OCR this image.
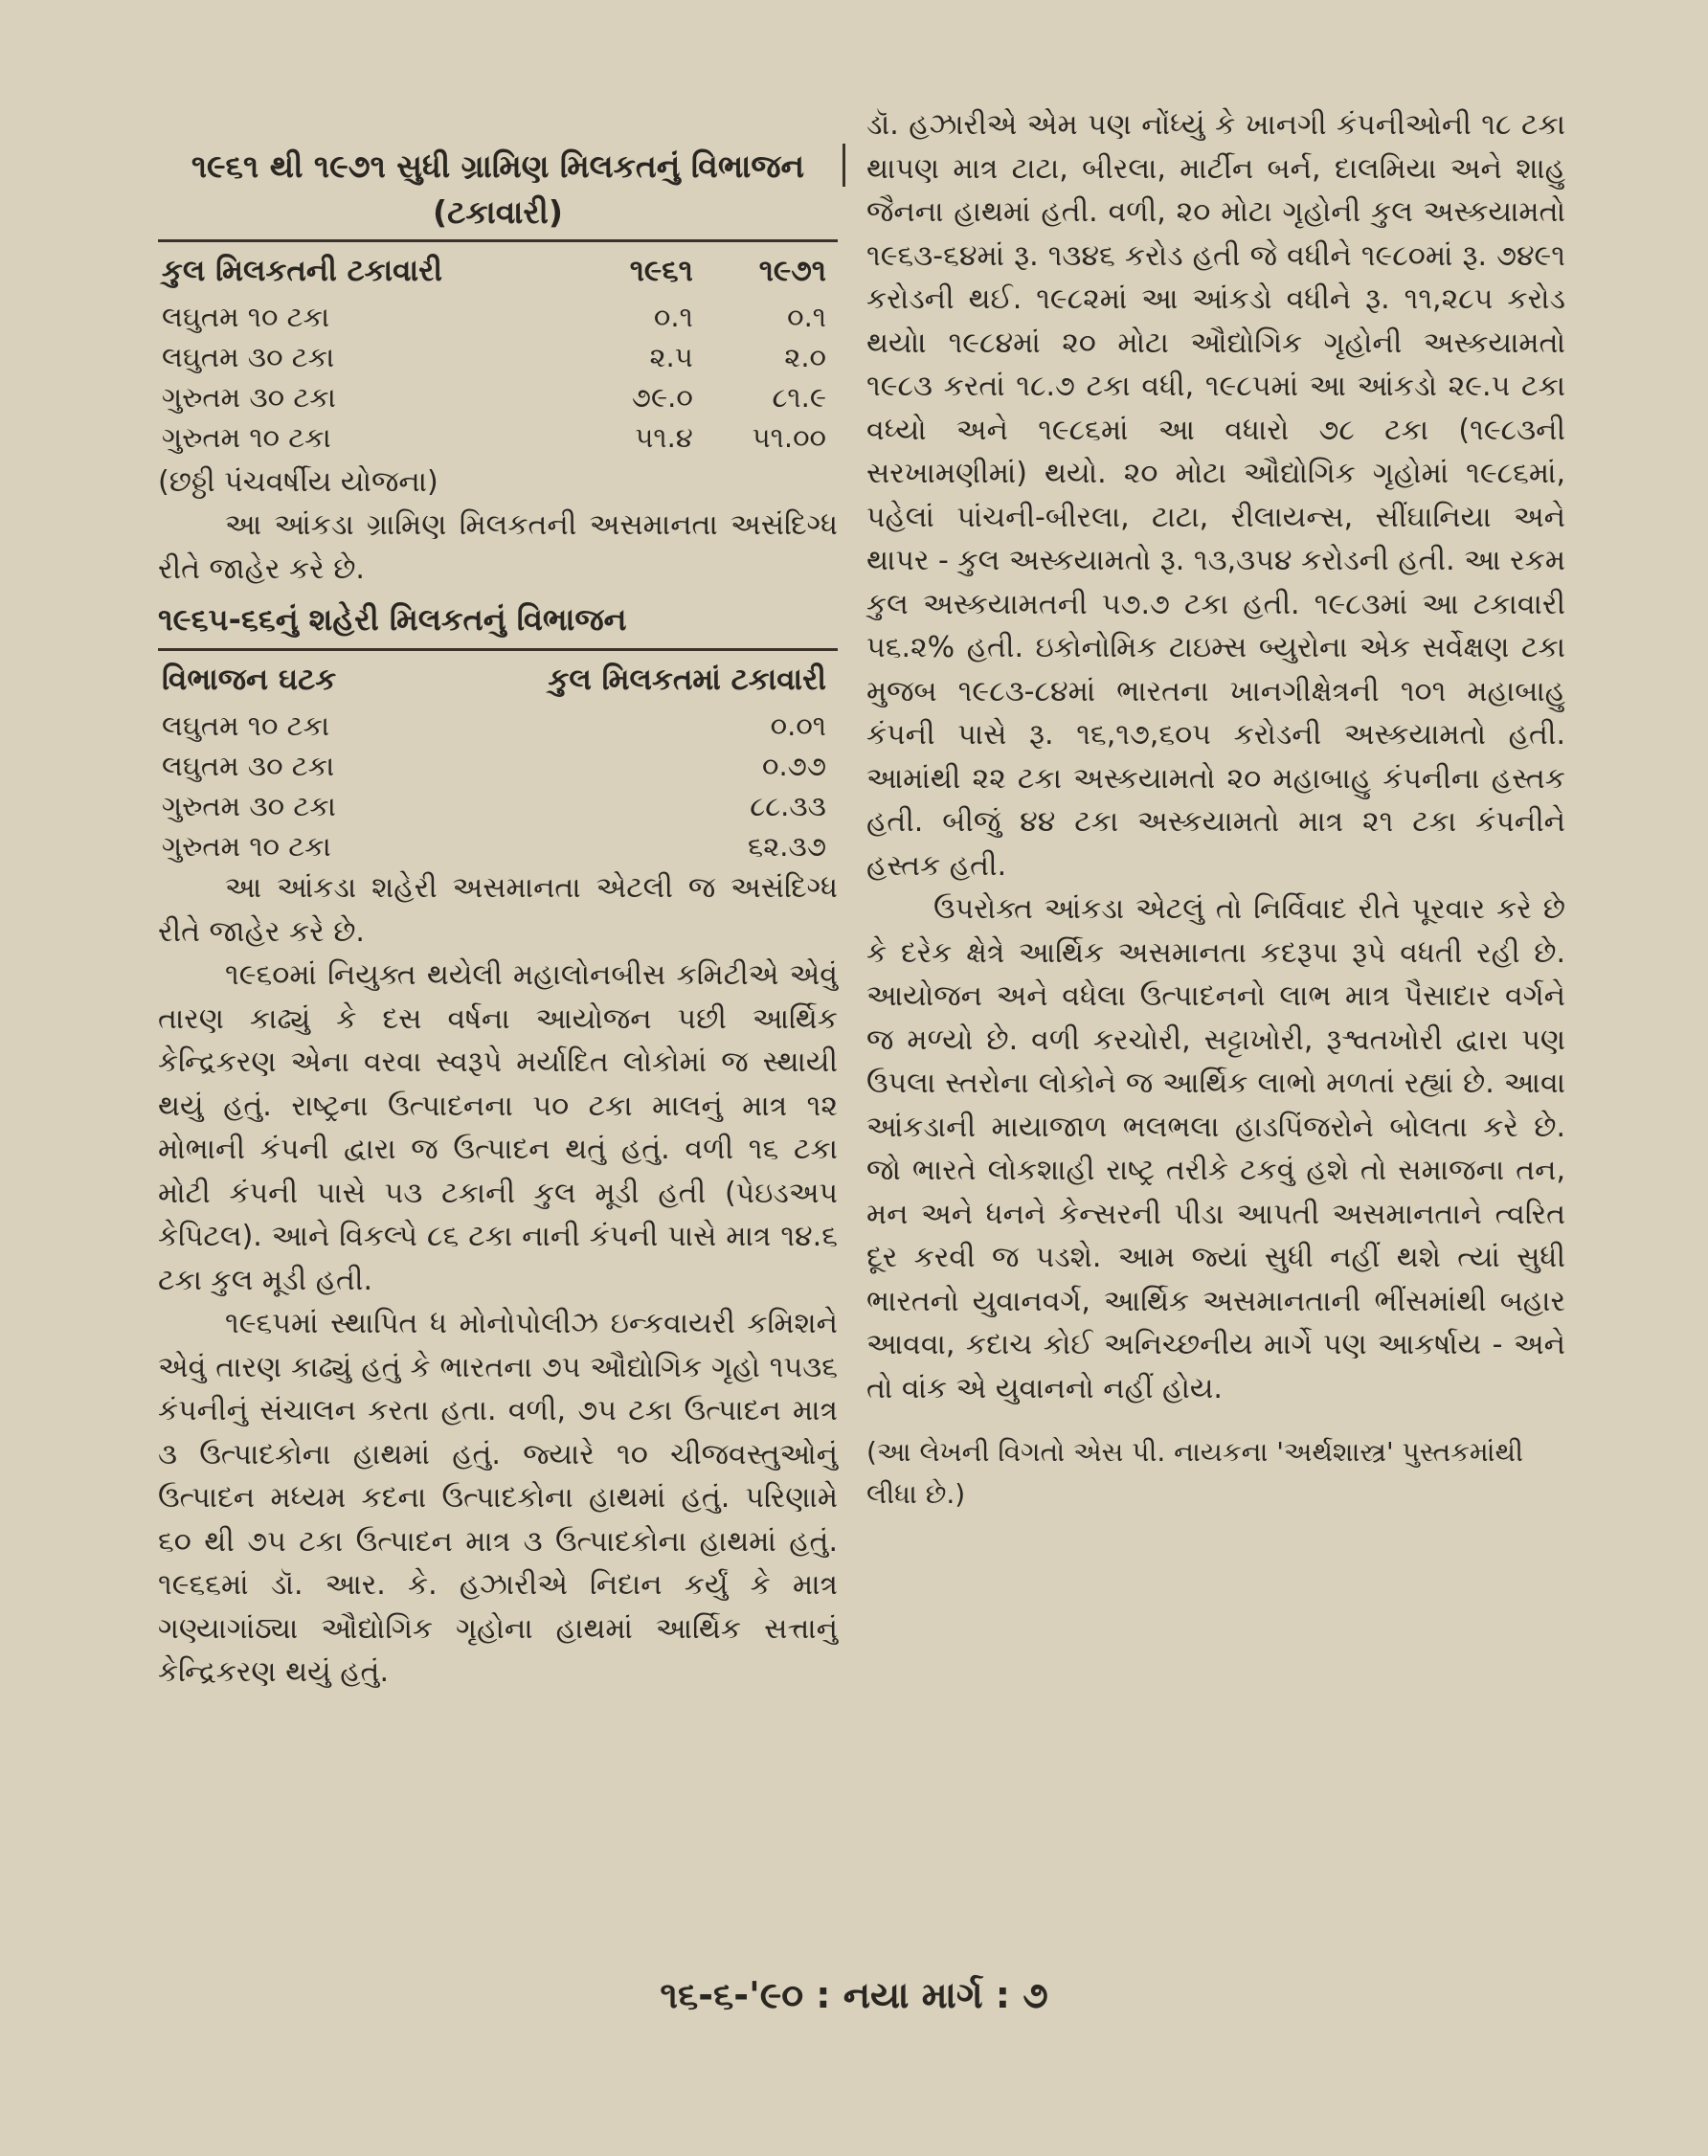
૧૯૬૧ થી ૧૯૭૧ સુધી ગ્રામિણ મિલકતનું વિભાજન (ટકાવારી)
કુલ મિલકતની ટકાવારી	૧૯૬૧	૧૯૭૧
લઘુતમ ૧૦ ટકા	૦.૧	૦.૧
લઘુતમ ૩૦ ટકા	૨.૫	૨.૦
ગુરુતમ ૩૦ ટકા	૭૯.૦	૮૧.૯
ગુરુતમ ૧૦ ટકા	૫૧.૪	૫૧.૦૦

(છઠ્ઠી પંચવર્ષીય યોજના)

આ આંકડા ગ્રામિણ મિલકતની અસમાનતા અસંદિગ્ધ રીતે જાહેર કરે છે.

૧૯૬૫-૬૬નું શહેરી મિલકતનું વિભાજન
વિભાજન ઘટક	કુલ મિલકતમાં ટકાવારી
લઘુતમ ૧૦ ટકા	૦.૦૧
લઘુતમ ૩૦ ટકા	૦.૭૭
ગુરુતમ ૩૦ ટકા	૮૮.૩૩
ગુરુતમ ૧૦ ટકા	૬૨.૩૭

આ આંકડા શહેરી અસમાનતા એટલી જ અસંદિગ્ધ રીતે જાહેર કરે છે.

૧૯૬૦માં નિયુક્ત થયેલી મહાલોનબીસ કમિટીએ એવું તારણ કાઢ્યું કે દસ વર્ષના આયોજન પછી આર્થિક કેન્દ્રિકરણ એના વરવા સ્વરૂપે મર્યાદિત લોકોમાં જ સ્થાયી થયું હતું. રાષ્ટ્રના ઉત્પાદનના ૫૦ ટકા માલનું માત્ર ૧૨ મોભાની કંપની દ્વારા જ ઉત્પાદન થતું હતું. વળી ૧૬ ટકા મોટી કંપની પાસે ૫૩ ટકાની કુલ મૂડી હતી (પેઇડઅપ કેપિટલ). આને વિકલ્પે ૮૬ ટકા નાની કંપની પાસે માત્ર ૧૪.૬ ટકા કુલ મૂડી હતી.

૧૯૬૫માં સ્થાપિત ધ મોનોપોલીઝ ઇન્કવાયરી કમિશને એવું તારણ કાઢ્યું હતું કે ભારતના ૭૫ ઔદ્યોગિક ગૃહો ૧૫૩૬ કંપનીનું સંચાલન કરતા હતા. વળી, ૭૫ ટકા ઉત્પાદન માત્ર ૩ ઉત્પાદકોના હાથમાં હતું. જ્યારે ૧૦ ચીજવસ્તુઓનું ઉત્પાદન મધ્યમ કદના ઉત્પાદકોના હાથમાં હતું. પરિણામે ૬૦ થી ૭૫ ટકા ઉત્પાદન માત્ર ૩ ઉત્પાદકોના હાથમાં હતું. ૧૯૬૬માં ડૉ. આર. કે. હઝારીએ નિદાન કર્યું કે માત્ર ગણ્યાગાંઠ્યા ઔદ્યોગિક ગૃહોના હાથમાં આર્થિક સત્તાનું કેન્દ્રિકરણ થયું હતું.

ડૉ. હઝારીએ એમ પણ નોંધ્યું કે ખાનગી કંપનીઓની ૧૮ ટકા થાપણ માત્ર ટાટા, બીરલા, માર્ટીન બર્ન, દાલમિયા અને શાહુ જૈનના હાથમાં હતી. વળી, ૨૦ મોટા ગૃહોની કુલ અસ્કયામતો ૧૯૬૩-૬૪માં રૂ. ૧૩૪૬ કરોડ હતી જે વધીને ૧૯૮૦માં રૂ. ૭૪૯૧ કરોડની થઈ. ૧૯૮૨માં આ આંકડો વધીને રૂ. ૧૧,૨૮૫ કરોડ થયો। ૧૯૮૪માં ૨૦ મોટા ઔદ્યોગિક ગૃહોની અસ્કયામતો ૧૯૮૩ કરતાં ૧૮.૭ ટકા વધી, ૧૯૮૫માં આ આંકડો ૨૯.૫ ટકા વધ્યો અને ૧૯૮૬માં આ વધારો ૭૮ ટકા (૧૯૮૩ની સરખામણીમાં) થયો. ૨૦ મોટા ઔદ્યોગિક ગૃહોમાં ૧૯૮૬માં, પહેલાં પાંચની-બીરલા, ટાટા, રીલાયન્સ, સીંઘાનિયા અને થાપર - કુલ અસ્કયામતો રૂ. ૧૩,૩૫૪ કરોડની હતી. આ રકમ કુલ અસ્કયામતની ૫૭.૭ ટકા હતી. ૧૯૮૩માં આ ટકાવારી ૫૬.૨% હતી. ઇકોનોમિક ટાઇમ્સ બ્યુરોના એક સર્વેક્ષણ ટકા મુજબ ૧૯૮૩-૮૪માં ભારતના ખાનગીક્ષેત્રની ૧૦૧ મહાબાહુ કંપની પાસે રૂ. ૧૬,૧૭,૬૦૫ કરોડની અસ્કયામતો હતી. આમાંથી ૨૨ ટકા અસ્કયામતો ૨૦ મહાબાહુ કંપનીના હસ્તક હતી. બીજું ૪૪ ટકા અસ્કયામતો માત્ર ૨૧ ટકા કંપનીને હસ્તક હતી.

ઉપરોક્ત આંકડા એટલું તો નિર્વિવાદ રીતે પૂરવાર કરે છે કે દરેક ક્ષેત્રે આર્થિક અસમાનતા કદરૂપા રૂપે વધતી રહી છે. આયોજન અને વધેલા ઉત્પાદનનો લાભ માત્ર પૈસાદાર વર્ગને જ મળ્યો છે. વળી કરચોરી, સટ્ટાખોરી, રૂશ્વતખોરી દ્વારા પણ ઉપલા સ્તરોના લોકોને જ આર્થિક લાભો મળતાં રહ્યાં છે. આવા આંકડાની માયાજાળ ભલભલા હાડપિંજરોને બોલતા કરે છે. જો ભારતે લોકશાહી રાષ્ટ્ર તરીકે ટકવું હશે તો સમાજના તન, મન અને ધનને કેન્સરની પીડા આપતી અસમાનતાને ત્વરિત દૂર કરવી જ પડશે. આમ જ્યાં સુધી નહીં થશે ત્યાં સુધી ભારતનો યુવાનવર્ગ, આર્થિક અસમાનતાની ભીંસમાંથી બહાર આવવા, કદાચ કોઈ અનિચ્છનીય માર્ગે પણ આકર્ષાય - અને તો વાંક એ યુવાનનો નહીં હોય.

(આ લેખની વિગતો એસ પી. નાયકના 'અર્થશાસ્ત્ર' પુસ્તકમાંથી લીધા છે.)

૧૬-૬-'૯૦ : નયા માર્ગ : ૭
